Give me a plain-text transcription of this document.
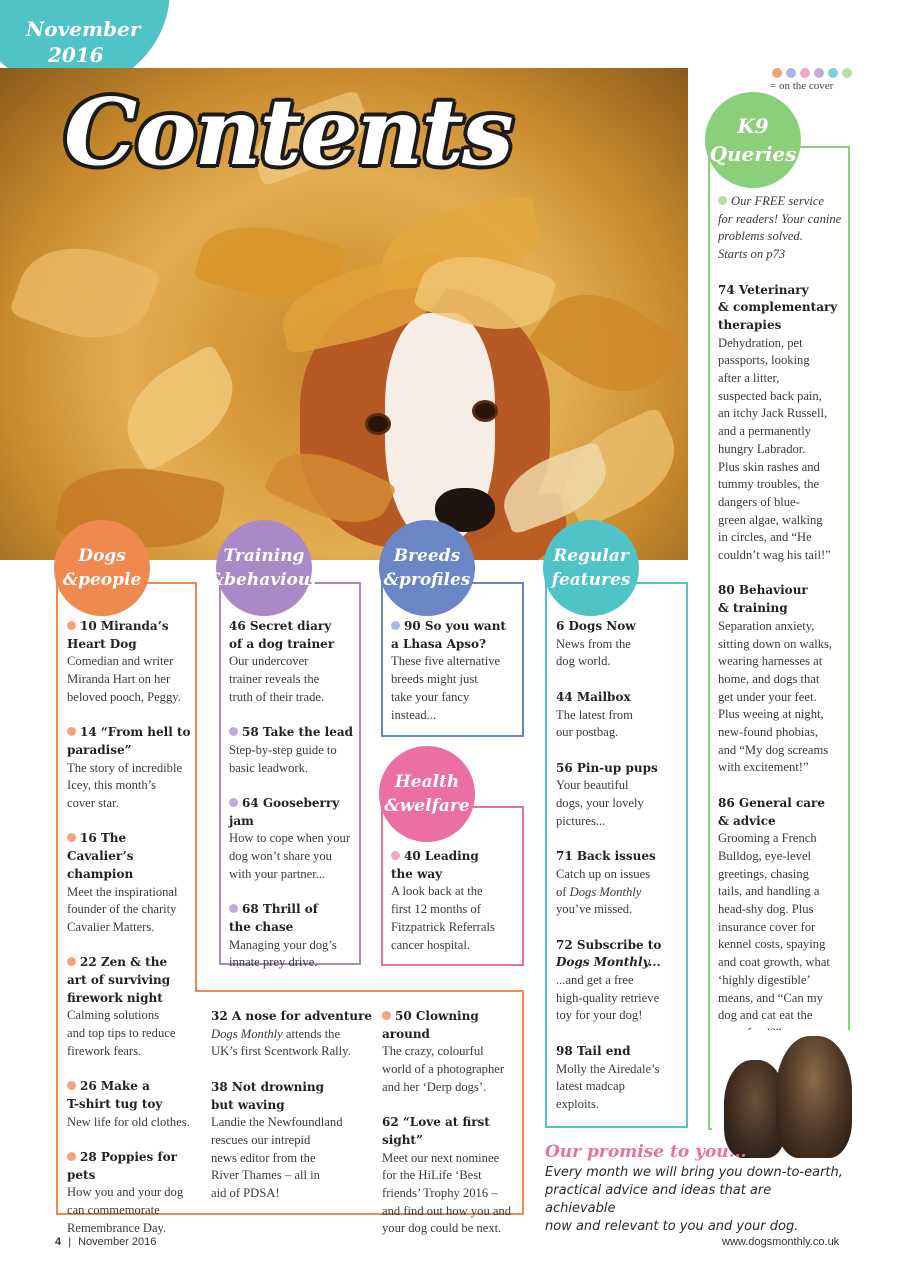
November
2016
Contents	= on the cover
Dogs
&people
10 Miranda’s
Heart Dog
Comedian and writer
Miranda Hart on her
beloved pooch, Peggy.
14 “From hell to
paradise”
The story of incredible
Icey, this month’s
cover star.
16 The Cavalier’s
champion
Meet the inspirational
founder of the charity
Cavalier Matters.
22 Zen & the
art of surviving
firework night
Calming solutions
and top tips to reduce
firework fears.
26 Make a
T-shirt tug toy
New life for old clothes.
28 Poppies for pets
How you and your dog
can commemorate
Remembrance Day.
32 A nose for adventure
Dogs Monthly attends the
UK’s first Scentwork Rally.
38 Not drowning
but waving
Landie the Newfoundland
rescues our intrepid
news editor from the
River Thames – all in
aid of PDSA!
50 Clowning around
The crazy, colourful
world of a photographer
and her ‘Derp dogs’.
62 “Love at first sight”
Meet our next nominee
for the HiLife ‘Best
friends’ Trophy 2016 –
and find out how you and
your dog could be next.
Training
&behaviour
46 Secret diary
of a dog trainer
Our undercover
trainer reveals the
truth of their trade.
58 Take the lead
Step-by-step guide to
basic leadwork.
64 Gooseberry jam
How to cope when your
dog won’t share you
with your partner...
68 Thrill of
the chase
Managing your dog’s
innate prey drive.
Breeds
&profiles
90 So you want
a Lhasa Apso?
These five alternative
breeds might just
take your fancy
instead...
Health
&welfare
40 Leading
the way
A look back at the
first 12 months of
Fitzpatrick Referrals
cancer hospital.
Regular
features
6 Dogs Now
News from the
dog world.
44 Mailbox
The latest from
our postbag.
56 Pin-up pups
Your beautiful
dogs, your lovely
pictures...
71 Back issues
Catch up on issues
of Dogs Monthly
you’ve missed.
72 Subscribe to
Dogs Monthly...
...and get a free
high-quality retrieve
toy for your dog!
98 Tail end
Molly the Airedale’s
latest madcap
exploits.
K9
Queries
Our FREE service
for readers! Your canine
problems solved.
Starts on p73
74 Veterinary
& complementary
therapies
Dehydration, pet
passports, looking
after a litter,
suspected back pain,
an itchy Jack Russell,
and a permanently
hungry Labrador.
Plus skin rashes and
tummy troubles, the
dangers of blue-
green algae, walking
in circles, and “He
couldn’t wag his tail!”
80 Behaviour
& training
Separation anxiety,
sitting down on walks,
wearing harnesses at
home, and dogs that
get under your feet.
Plus weeing at night,
new-found phobias,
and “My dog screams
with excitement!”
86 General care
& advice
Grooming a French
Bulldog, eye-level
greetings, chasing
tails, and handling a
head-shy dog. Plus
insurance cover for
kennel costs, spaying
and coat growth, what
‘highly digestible’
means, and “Can my
dog and cat eat the

Our promise to you...
Every month we will bring you down-to-earth,
practical advice and ideas that are achievable
now and relevant to you and your dog.
4 | November 2016	www.dogsmonthly.co.uk
